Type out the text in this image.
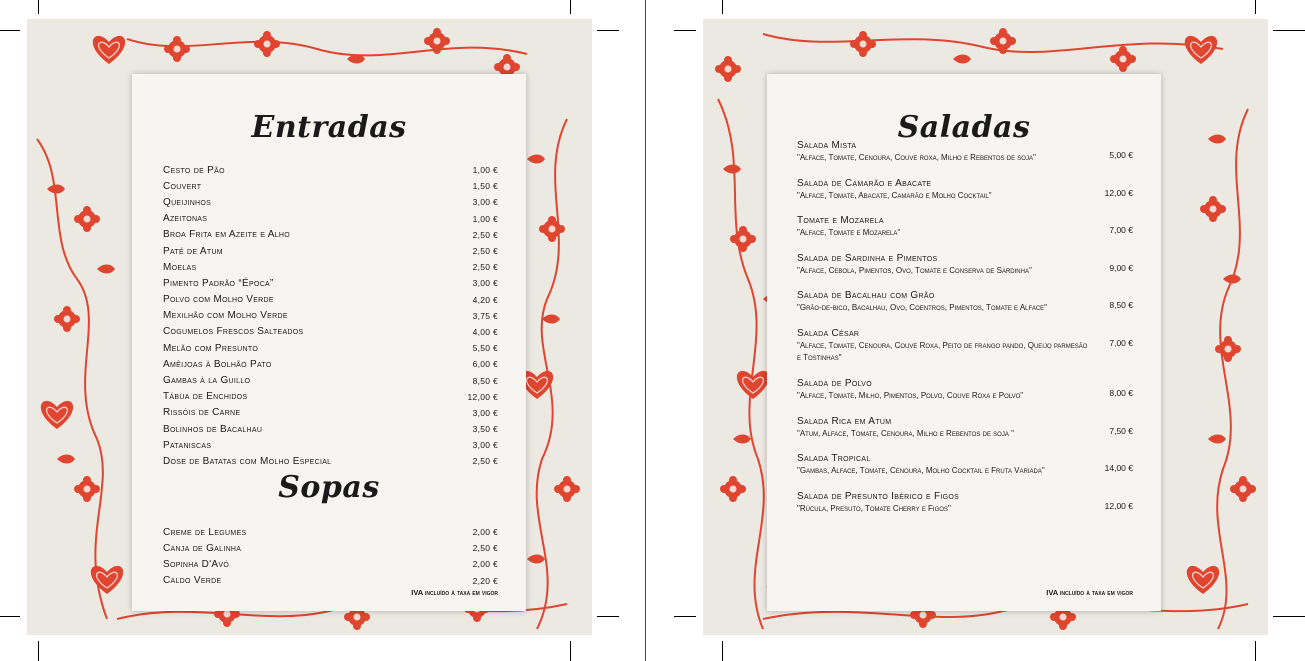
Entradas
Cesto de Pão	1,00 €
Couvert	1,50 €
Queijinhos	3,00 €
Azeitonas	1,00 €
Broa Frita em Azeite e Alho	2,50 €
Paté de Atum	2,50 €
Moelas	2,50 €
Pimento Padrão “Época”	3,00 €
Polvo com Molho Verde	4,20 €
Mexilhão com Molho Verde	3,75 €
Cogumelos Frescos Salteados	4,00 €
Melão com Presunto	5,50 €
Amêijoas à Bolhão Pato	6,00 €
Gambas à la Guillo	8,50 €
Tábua de Enchidos	12,00 €
Rissóis de Carne	3,00 €
Bolinhos de Bacalhau	3,50 €
Pataniscas	3,00 €
Dose de Batatas com Molho Especial	2,50 €
Sopas
Creme de Legumes	2,00 €
Canja de Galinha	2,50 €
Sopinha D'Avó	2,00 €
Caldo Verde	2,20 €
IVA incluído à taxa em vigor
Saladas
Salada Mista
"Alface, Tomate, Cenoura, Couve roxa, Milho e Rebentos de soja"	5,00 €
Salada de Camarão e Abacate
"Alface, Tomate, Abacate, Camarão e Molho Cocktail"	12,00 €
Tomate e Mozarela
"Alface, Tomate e Mozarela"	7,00 €
Salada de Sardinha e Pimentos
"Alface, Cebola, Pimentos, Ovo, Tomate e Conserva de Sardinha"	9,00 €
Salada de Bacalhau com Grão
"Grão-de-bico, Bacalhau, Ovo, Coentros, Pimentos, Tomate e Alface"	8,50 €
Salada César
"Alface, Tomate, Cenoura, Couve Roxa, Peito de frango pando, Queijo parmesão e Tostinhas"
7,00 €
Salada de Polvo
"Alface, Tomate, Milho, Pimentos, Polvo, Couve Roxa e Polvo"	8,00 €
Salada Rica em Atum
"Atum, Alface, Tomate, Cenoura, Milho e Rebentos de soja "	7,50 €
Salada Tropical
"Gambas, Alface, Tomate, Cenoura, Molho Cocktail e Fruta Variada"	14,00 €
Salada de Presunto Ibérico e Figos
"Rúcula, Presuto, Tomate Cherry e Figos"	12,00 €
IVA incluído à taxa em vigor
